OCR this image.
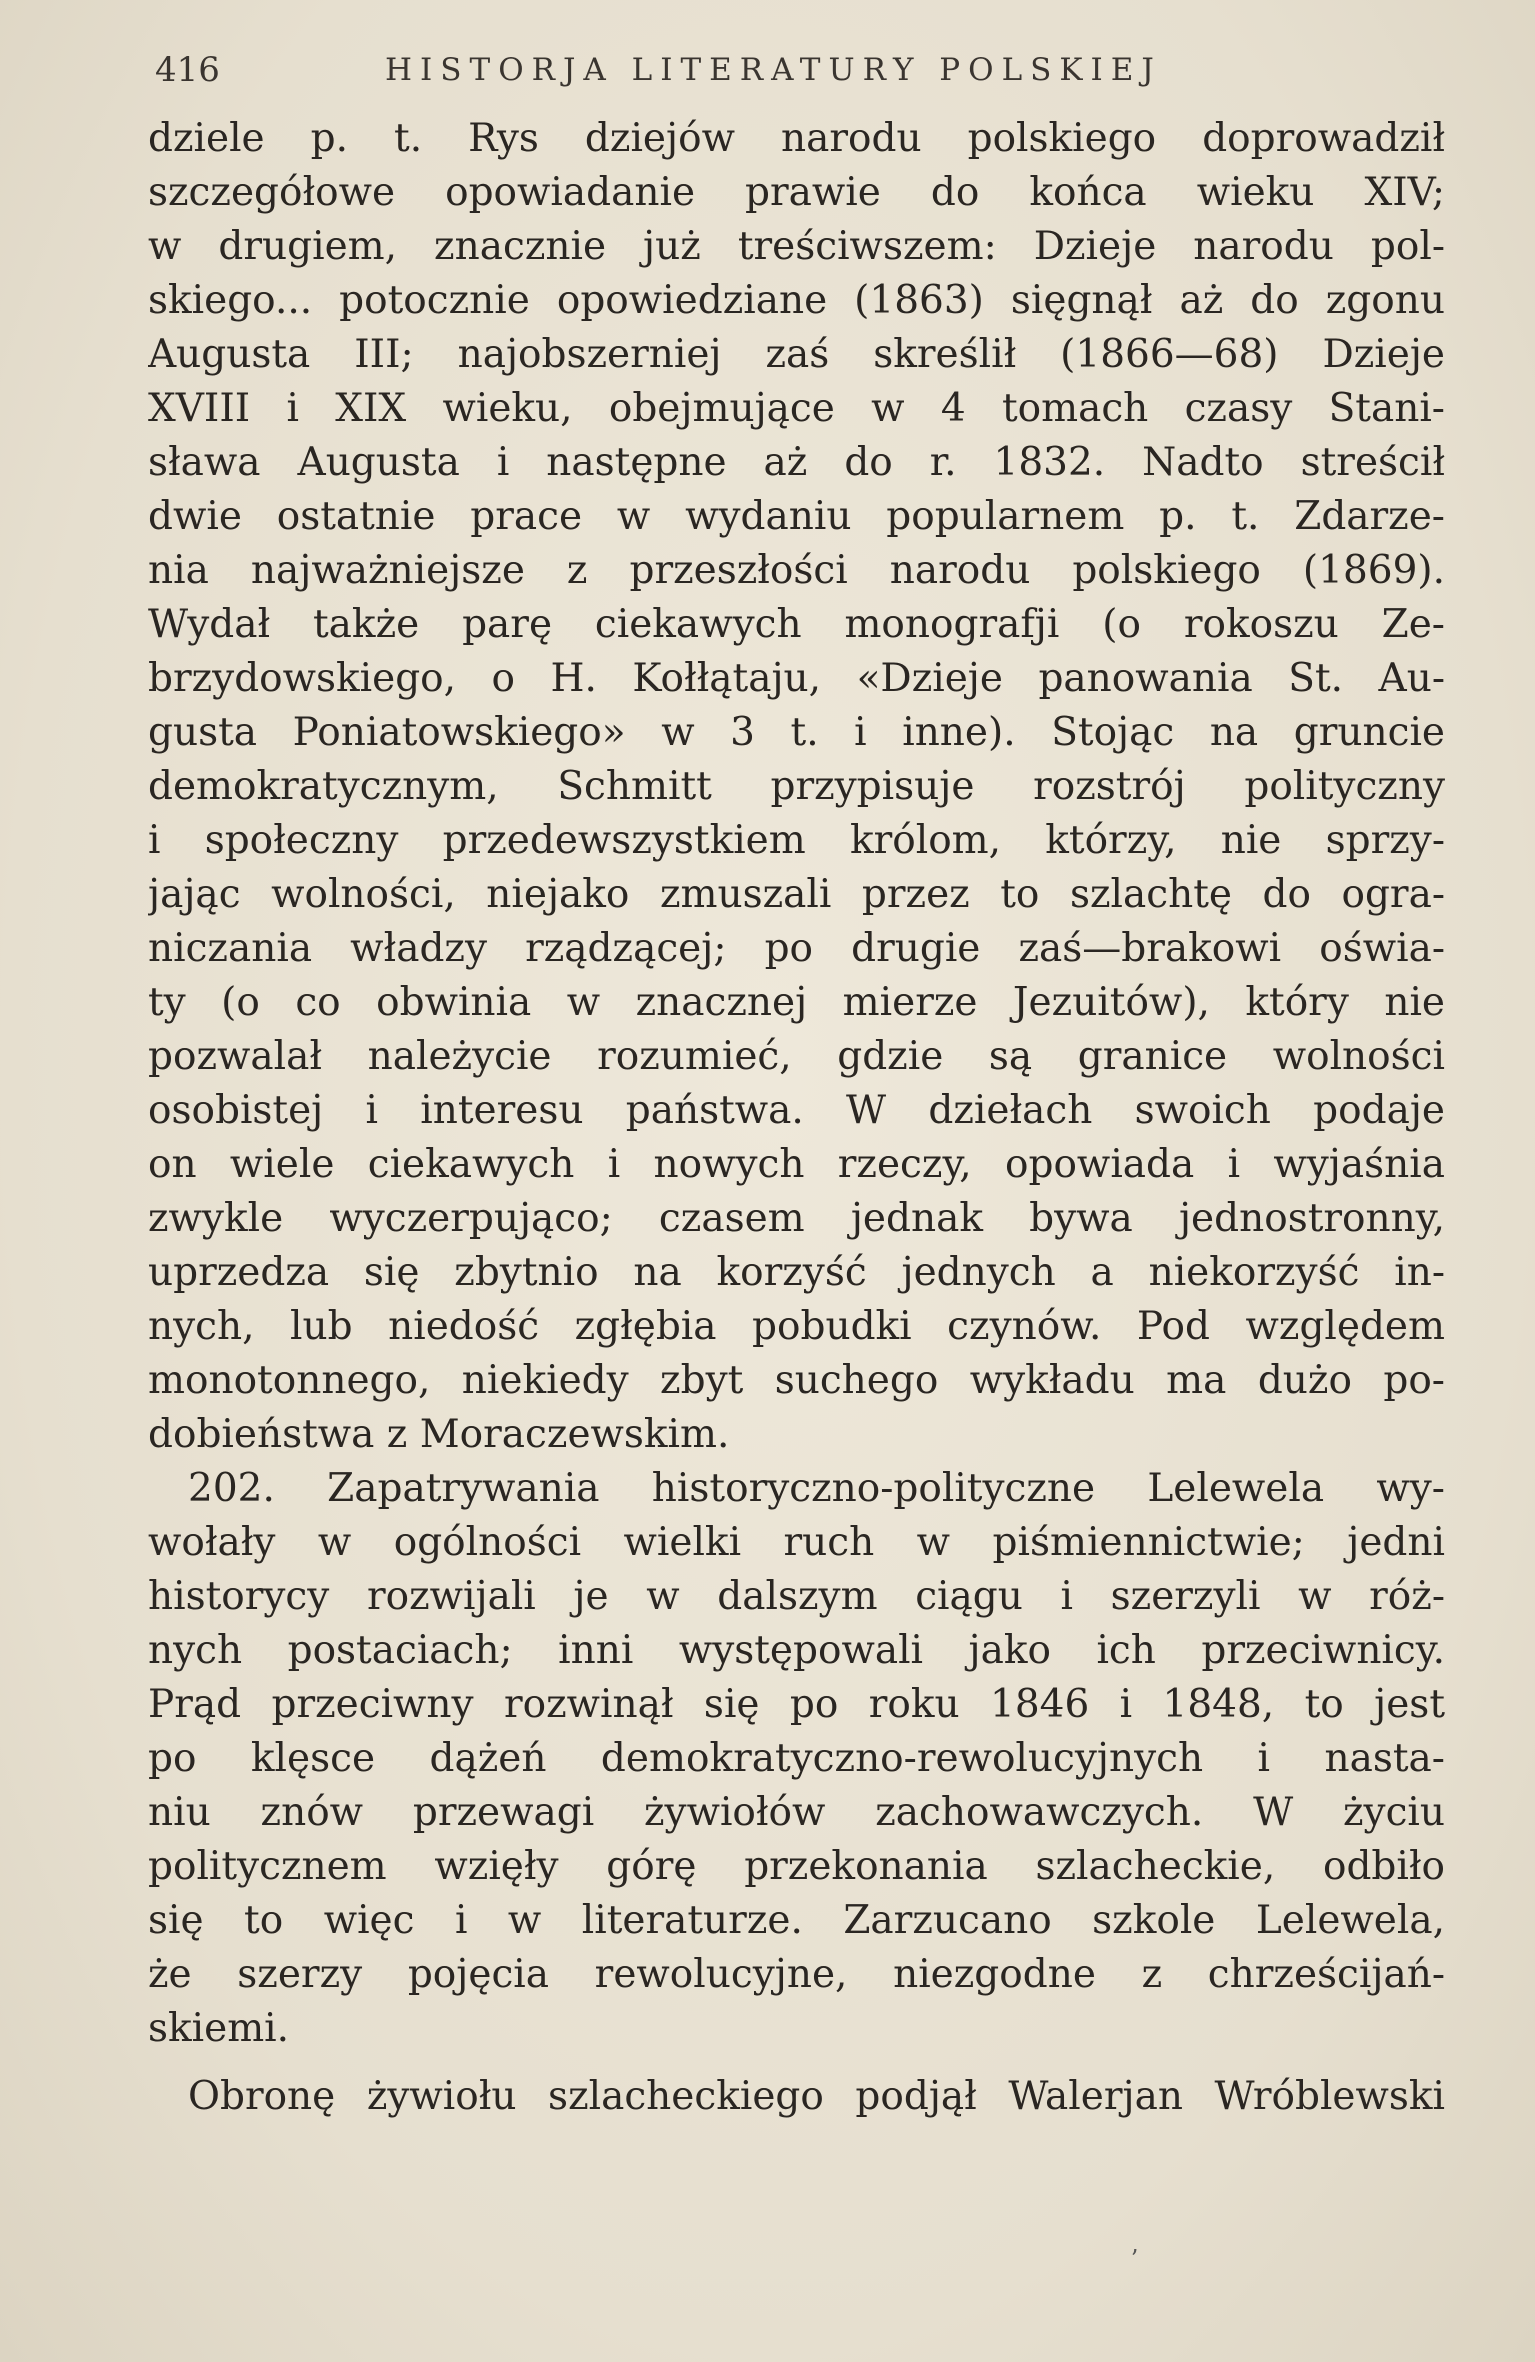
416	HISTORJA LITERATURY POLSKIEJ
dziele p. t. Rys dziejów narodu polskiego doprowadził
szczegółowe opowiadanie prawie do końca wieku XIV;
w drugiem, znacznie już treściwszem: Dzieje narodu pol-
skiego... potocznie opowiedziane (1863) sięgnął aż do zgonu
Augusta III; najobszerniej zaś skreślił (1866—68) Dzieje
XVIII i XIX wieku, obejmujące w 4 tomach czasy Stani-
sława Augusta i następne aż do r. 1832. Nadto streścił
dwie ostatnie prace w wydaniu popularnem p. t. Zdarze-
nia najważniejsze z przeszłości narodu polskiego (1869).
Wydał także parę ciekawych monografji (o rokoszu Ze-
brzydowskiego, o H. Kołłątaju, «Dzieje panowania St. Au-
gusta Poniatowskiego» w 3 t. i inne). Stojąc na gruncie
demokratycznym, Schmitt przypisuje rozstrój polityczny
i społeczny przedewszystkiem królom, którzy, nie sprzy-
jając wolności, niejako zmuszali przez to szlachtę do ogra-
niczania władzy rządzącej; po drugie zaś—brakowi oświa-
ty (o co obwinia w znacznej mierze Jezuitów), który nie
pozwalał należycie rozumieć, gdzie są granice wolności
osobistej i interesu państwa. W dziełach swoich podaje
on wiele ciekawych i nowych rzeczy, opowiada i wyjaśnia
zwykle wyczerpująco; czasem jednak bywa jednostronny,
uprzedza się zbytnio na korzyść jednych a niekorzyść in-
nych, lub niedość zgłębia pobudki czynów. Pod względem
monotonnego, niekiedy zbyt suchego wykładu ma dużo po-
dobieństwa z Moraczewskim.
202. Zapatrywania historyczno-polityczne Lelewela wy-
wołały w ogólności wielki ruch w piśmiennictwie; jedni
historycy rozwijali je w dalszym ciągu i szerzyli w róż-
nych postaciach; inni występowali jako ich przeciwnicy.
Prąd przeciwny rozwinął się po roku 1846 i 1848, to jest
po klęsce dążeń demokratyczno-rewolucyjnych i nasta-
niu znów przewagi żywiołów zachowawczych. W życiu
politycznem wzięły górę przekonania szlacheckie, odbiło
się to więc i w literaturze. Zarzucano szkole Lelewela,
że szerzy pojęcia rewolucyjne, niezgodne z chrześcijań-
skiemi.
Obronę żywiołu szlacheckiego podjął Walerjan Wróblewski
ʼ
